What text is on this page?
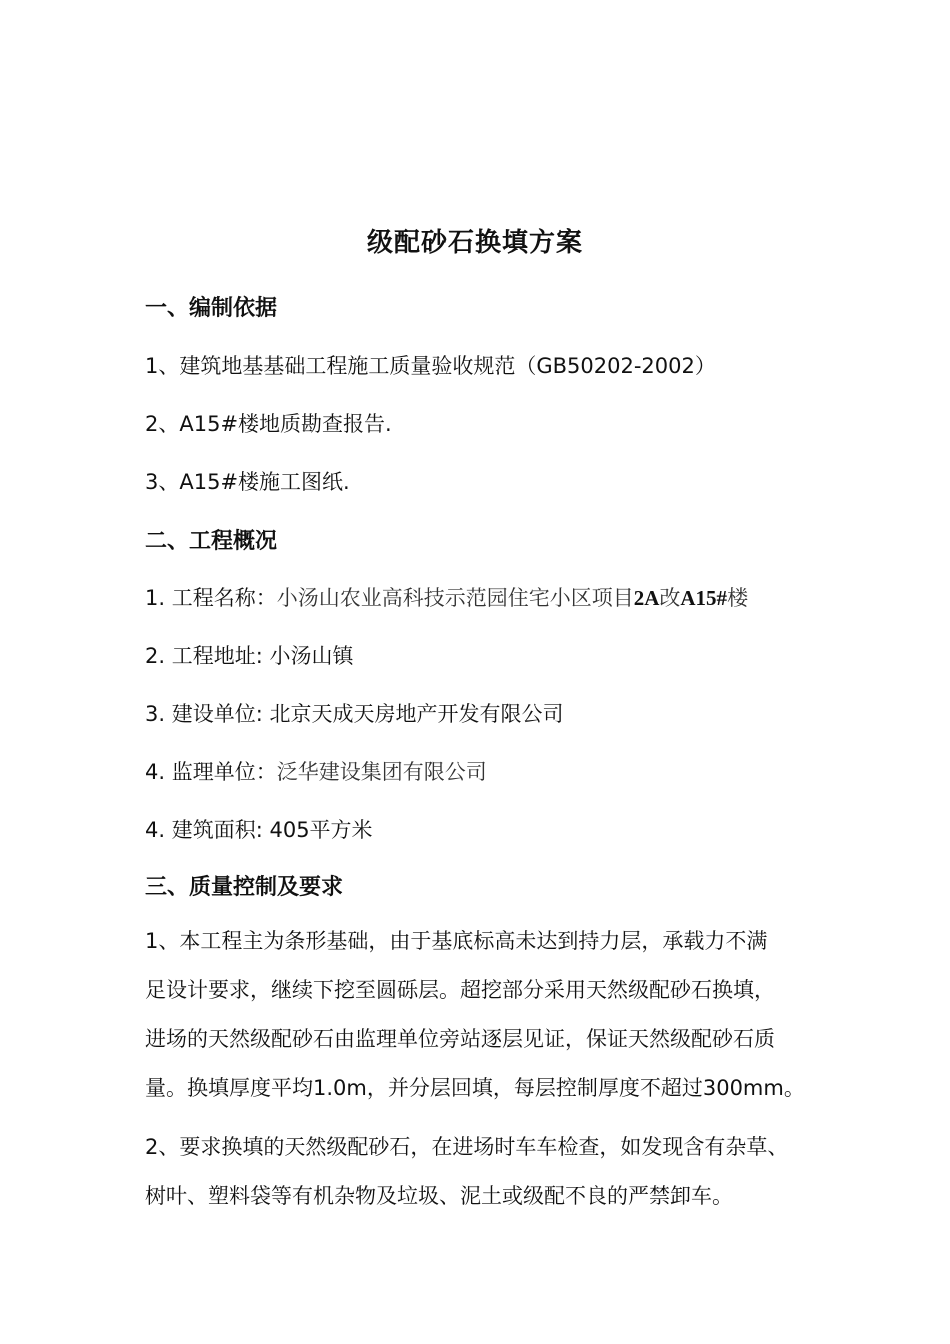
级配砂石换填方案
一、编制依据
1、建筑地基基础工程施工质量验收规范（GB50202-2002）
2、A15#楼地质勘查报告.
3、A15#楼施工图纸.
二、工程概况
1. 工程名称：小汤山农业高科技示范园住宅小区项目2A改A15#楼
2. 工程地址: 小汤山镇
3. 建设单位: 北京天成天房地产开发有限公司
4. 监理单位：泛华建设集团有限公司
4. 建筑面积: 405平方米
三、质量控制及要求
1、本工程主为条形基础，由于基底标高未达到持力层，承载力不满
足设计要求，继续下挖至圆砾层。超挖部分采用天然级配砂石换填，
进场的天然级配砂石由监理单位旁站逐层见证，保证天然级配砂石质
量。换填厚度平均1.0m，并分层回填，每层控制厚度不超过300mm。
2、要求换填的天然级配砂石，在进场时车车检查，如发现含有杂草、
树叶、塑料袋等有机杂物及垃圾、泥土或级配不良的严禁卸车。
